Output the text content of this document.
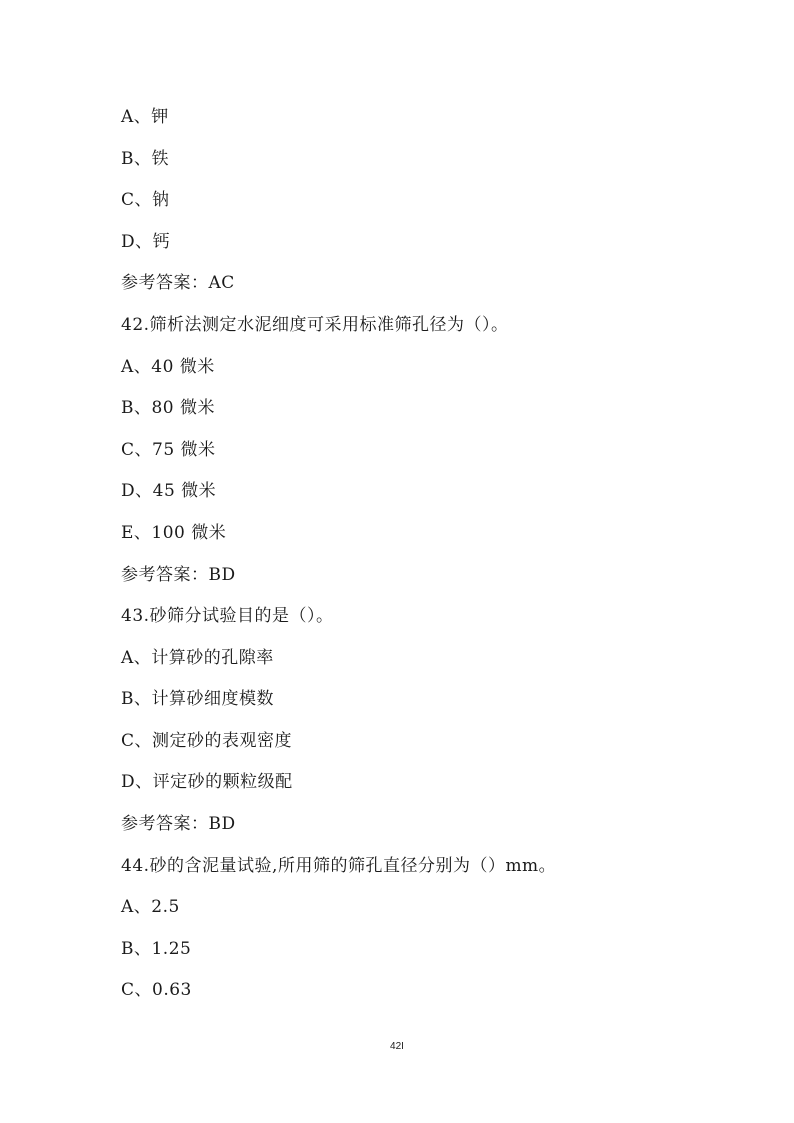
A、钾
B、铁
C、钠
D、钙
参考答案：AC
42.筛析法测定水泥细度可采用标准筛孔径为（）。
A、40 微米
B、80 微米
C、75 微米
D、45 微米
E、100 微米
参考答案：BD
43.砂筛分试验目的是（）。
A、计算砂的孔隙率
B、计算砂细度模数
C、测定砂的表观密度
D、评定砂的颗粒级配
参考答案：BD
44.砂的含泥量试验,所用筛的筛孔直径分别为（）mm。
A、2.5
B、1.25
C、0.63
42I
